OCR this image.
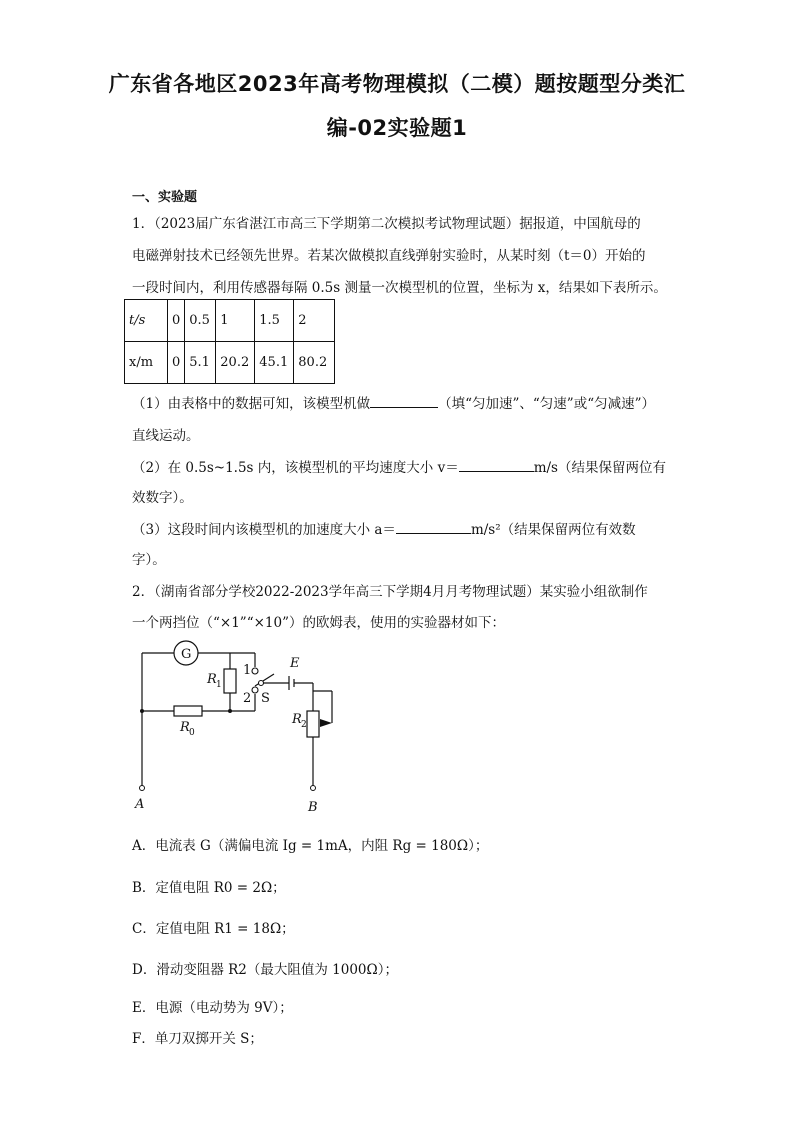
广东省各地区2023年高考物理模拟（二模）题按题型分类汇
编-02实验题1
一、实验题
1．（2023届广东省湛江市高三下学期第二次模拟考试物理试题）据报道，中国航母的
电磁弹射技术已经领先世界。若某次做模拟直线弹射实验时，从某时刻（t＝0）开始的
一段时间内，利用传感器每隔 0.5s 测量一次模型机的位置，坐标为 x，结果如下表所示。
t/s	0	0.5	1	1.5	2
x/m	0	5.1	20.2	45.1	80.2
（1）由表格中的数据可知，该模型机做	（填“匀加速”、“匀速”或“匀减速”）
直线运动。
（2）在 0.5s~1.5s 内，该模型机的平均速度大小 v＝	m/s（结果保留两位有
效数字）。
（3）这段时间内该模型机的加速度大小 a＝	m/s²（结果保留两位有效数
字）。
2．（湖南省部分学校2022-2023学年高三下学期4月月考物理试题）某实验小组欲制作
一个两挡位（“×1”“×10”）的欧姆表，使用的实验器材如下：
G
R 1
R 0
R 2
1
2 S
E
A	B
A．电流表 G（满偏电流 Ig = 1mA，内阻 Rg = 180Ω）；
B．定值电阻 R0 = 2Ω；
C．定值电阻 R1 = 18Ω；
D．滑动变阻器 R2（最大阻值为 1000Ω）；
E．电源（电动势为 9V）；
F．单刀双掷开关 S；
